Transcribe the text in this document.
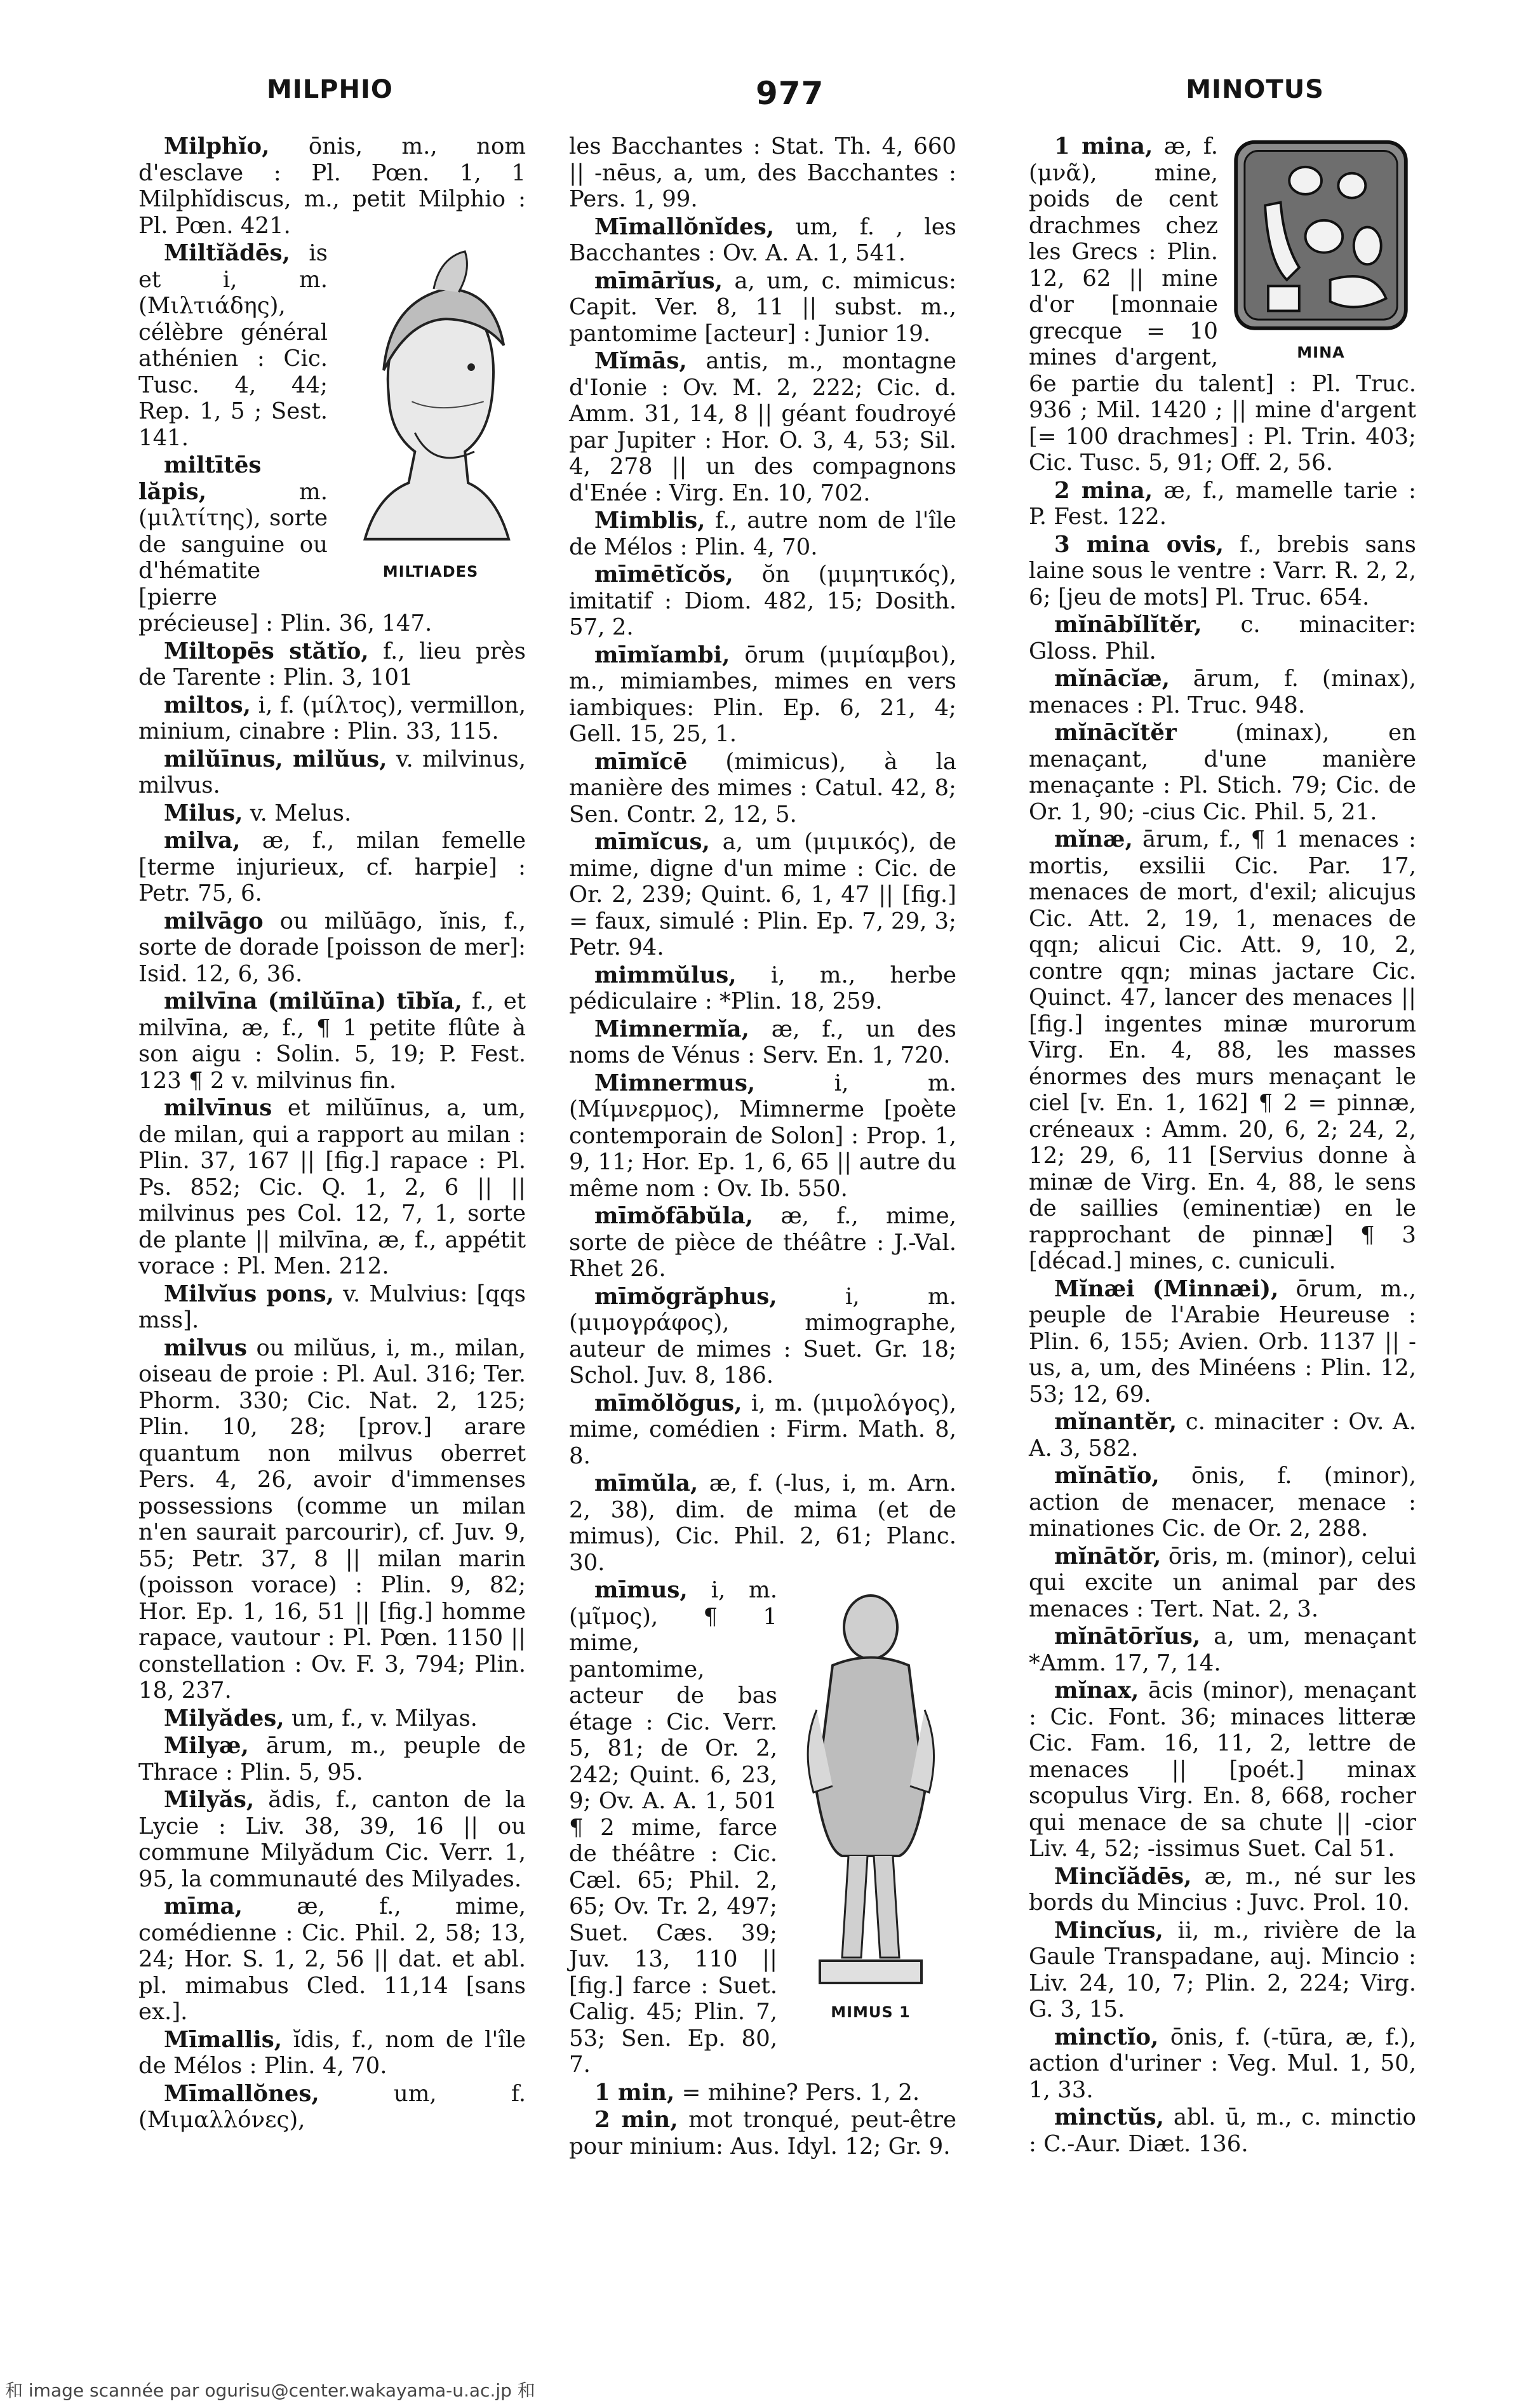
MILPHIO	977	MINOTUS

Milphĭo, ōnis, m., nom d'esclave : Pl. Pœn. 1, 1 Milphĭdiscus, m., petit Milphio : Pl. Pœn. 421.

MILTIADES

Miltĭădēs, is et i, m. (Μιλτιάδης), célèbre général athénien : Cic. Tusc. 4, 44; Rep. 1, 5 ; Sest. 141.

miltītēs lăpis,	m. (μιλτίτης), sorte de sanguine ou d'hématite [pierre précieuse] : Plin. 36, 147.

Miltopēs stătĭo, f., lieu près de Tarente : Plin. 3, 101

miltos, i, f. (μίλτος), vermillon, minium, cinabre : Plin. 33, 115.

milŭīnus, milŭus, v. milvinus, milvus.

Milus, v. Melus.

milva, æ, f., milan femelle [terme injurieux, cf. harpie] : Petr. 75, 6.

milvāgo ou milŭāgo, ĭnis, f., sorte de dorade [poisson de mer]: Isid. 12, 6, 36.

milvīna (milŭīna) tībĭa, f., et milvīna, æ, f., ¶ 1 petite flûte à son aigu : Solin. 5, 19; P. Fest. 123 ¶ 2 v. milvinus fin.

milvīnus et milŭīnus, a, um, de milan, qui a rapport au milan : Plin. 37, 167 || [fig.] rapace : Pl. Ps. 852; Cic. Q. 1, 2, 6 || || milvinus pes Col. 12, 7, 1, sorte de plante || milvīna, æ, f., appétit vorace : Pl. Men. 212.

Milvĭus pons, v. Mulvius: [qqs mss].

milvus ou milŭus, i, m., milan, oiseau de proie : Pl. Aul. 316; Ter. Phorm. 330; Cic. Nat. 2, 125; Plin. 10, 28; [prov.] arare quantum non milvus oberret Pers. 4, 26, avoir d'immenses possessions (comme un milan n'en saurait parcourir), cf. Juv. 9, 55; Petr. 37, 8 || milan marin (poisson vorace) : Plin. 9, 82; Hor. Ep. 1, 16, 51 || [fig.] homme rapace, vautour : Pl. Pœn. 1150 || constellation : Ov. F. 3, 794; Plin. 18, 237.

Milyădes, um, f., v. Milyas.

Milyæ, ārum, m., peuple de Thrace : Plin. 5, 95.

Milyăs, ădis, f., canton de la Lycie : Liv. 38, 39, 16 || ou commune Milyădum Cic. Verr. 1, 95, la communauté des Milyades.

mīma, æ, f., mime, comédienne : Cic. Phil. 2, 58; 13, 24; Hor. S. 1, 2, 56 || dat. et abl. pl. mimabus Cled. 11,14 [sans ex.].

Mīmallis, ĭdis, f., nom de l'île de Mélos : Plin. 4, 70.

Mīmallŏnes,	um, f. (Μιμαλλόνες),

les Bacchantes : Stat. Th. 4, 660 || -nēus, a, um, des Bacchantes : Pers. 1, 99.

Mīmallŏnĭdes, um, f. , les Bacchantes : Ov. A. A. 1, 541.

mīmārĭus, a, um, c. mimicus: Capit. Ver. 8, 11 || subst. m., pantomime [acteur] : Junior 19.

Mĭmās, antis, m., montagne d'Ionie : Ov. M. 2, 222; Cic. d. Amm. 31, 14, 8 || géant foudroyé par Jupiter : Hor. O. 3, 4, 53; Sil. 4, 278 || un des compagnons d'Enée : Virg. En. 10, 702.

Mimblis, f., autre nom de l'île de Mélos : Plin. 4, 70.

mīmētĭcŏs, ŏn (μιμητικός), imitatif : Diom. 482, 15; Dosith. 57, 2.

mīmĭambi, ōrum (μιμίαμβοι), m., mimiambes, mimes en vers iambiques: Plin. Ep. 6, 21, 4; Gell. 15, 25, 1.

mīmĭcē (mimicus), à la manière des mimes : Catul. 42, 8; Sen. Contr. 2, 12, 5.

mīmĭcus, a, um (μιμικός), de mime, digne d'un mime : Cic. de Or. 2, 239; Quint. 6, 1, 47 || [fig.] = faux, simulé : Plin. Ep. 7, 29, 3; Petr. 94.

mimmŭlus, i, m., herbe pédiculaire : *Plin. 18, 259.

Mimnermĭa, æ, f., un des noms de Vénus : Serv. En. 1, 720.

Mimnermus,	i, m. (Μίμνερμος), Mimnerme [poète contemporain de Solon] : Prop. 1, 9, 11; Hor. Ep. 1, 6, 65 || autre du même nom : Ov. Ib. 550.

mīmŏfābŭla, æ, f., mime, sorte de pièce de théâtre : J.-Val. Rhet 26.

mīmŏgrăphus,	i, m. (μιμογράφος), mimographe, auteur de mimes : Suet. Gr. 18; Schol. Juv. 8, 186.

mīmŏlŏgus, i, m. (μιμολόγος), mime, comédien : Firm. Math. 8, 8.

mīmŭla, æ, f. (-lus, i, m. Arn. 2, 38), dim. de mima (et de mimus), Cic. Phil. 2, 61; Planc. 30.

MIMUS 1

mīmus, i, m. (μῖμος), ¶ 1 mime, pantomime, acteur de bas étage : Cic. Verr. 5, 81; de Or. 2, 242; Quint. 6, 23, 9; Ov. A. A. 1, 501 ¶ 2 mime, farce de théâtre : Cic. Cæl. 65; Phil. 2, 65; Ov. Tr. 2, 497; Suet. Cæs. 39; Juv. 13, 110 || [fig.] farce : Suet. Calig. 45; Plin. 7, 53; Sen. Ep. 80, 7.

1 min, = mihine? Pers. 1, 2.

2 min, mot tronqué, peut-être pour minium: Aus. Idyl. 12; Gr. 9.

MINA

1 mina, æ, f. (μνᾶ), mine, poids de cent drachmes chez les Grecs : Plin. 12, 62 || mine d'or [monnaie grecque = 10 mines d'argent, 6e partie du talent] : Pl. Truc. 936 ; Mil. 1420 ; || mine d'argent [= 100 drachmes] : Pl. Trin. 403; Cic. Tusc. 5, 91; Off. 2, 56.

2 mina, æ, f., mamelle tarie : P. Fest. 122.

3 mina ovis, f., brebis sans laine sous le ventre : Varr. R. 2, 2, 6; [jeu de mots] Pl. Truc. 654.

mĭnābĭlĭtĕr, c. minaciter: Gloss. Phil.

mĭnācĭæ, ārum, f. (minax), menaces : Pl. Truc. 948.

mĭnācĭtĕr	(minax), en menaçant, d'une manière menaçante : Pl. Stich. 79; Cic. de Or. 1, 90; -cius Cic. Phil. 5, 21.

mĭnæ, ārum, f., ¶ 1 menaces : mortis, exsilii Cic. Par. 17, menaces de mort, d'exil; alicujus Cic. Att. 2, 19, 1, menaces de qqn; alicui Cic. Att. 9, 10, 2, contre qqn; minas jactare Cic. Quinct. 47, lancer des menaces || [fig.] ingentes minæ murorum Virg. En. 4, 88, les masses énormes des murs menaçant le ciel [v. En. 1, 162] ¶ 2 = pinnæ, créneaux : Amm. 20, 6, 2; 24, 2, 12; 29, 6, 11 [Servius donne à minæ de Virg. En. 4, 88, le sens de saillies (eminentiæ) en le rapprochant de pinnæ] ¶ 3 [décad.] mines, c. cuniculi.

Mĭnæi (Minnæi), ōrum, m., peuple de l'Arabie Heureuse : Plin. 6, 155; Avien. Orb. 1137 || -us, a, um, des Minéens : Plin. 12, 53; 12, 69.

mĭnantĕr, c. minaciter : Ov. A. A. 3, 582.

mĭnātĭo, ōnis, f. (minor), action de menacer, menace : minationes Cic. de Or. 2, 288.

mĭnātŏr, ōris, m. (minor), celui qui excite un animal par des menaces : Tert. Nat. 2, 3.

mĭnātōrĭus, a, um, menaçant *Amm. 17, 7, 14.

mĭnax, ācis (minor), menaçant : Cic. Font. 36; minaces litteræ Cic. Fam. 16, 11, 2, lettre de menaces || [poét.] minax scopulus Virg. En. 8, 668, rocher qui menace de sa chute || -cior Liv. 4, 52; -issimus Suet. Cal 51.

Mincĭădēs, æ, m., né sur les bords du Mincius : Juvc. Prol. 10.

Mincĭus, ii, m., rivière de la Gaule Transpadane, auj. Mincio : Liv. 24, 10, 7; Plin. 2, 224; Virg. G. 3, 15.

minctĭo, ōnis, f. (-tūra, æ, f.), action d'uriner : Veg. Mul. 1, 50, 1, 33.

minctŭs, abl. ū, m., c. minctio : C.-Aur. Diæt. 136.

和 image scannée par ogurisu@center.wakayama-u.ac.jp 和
